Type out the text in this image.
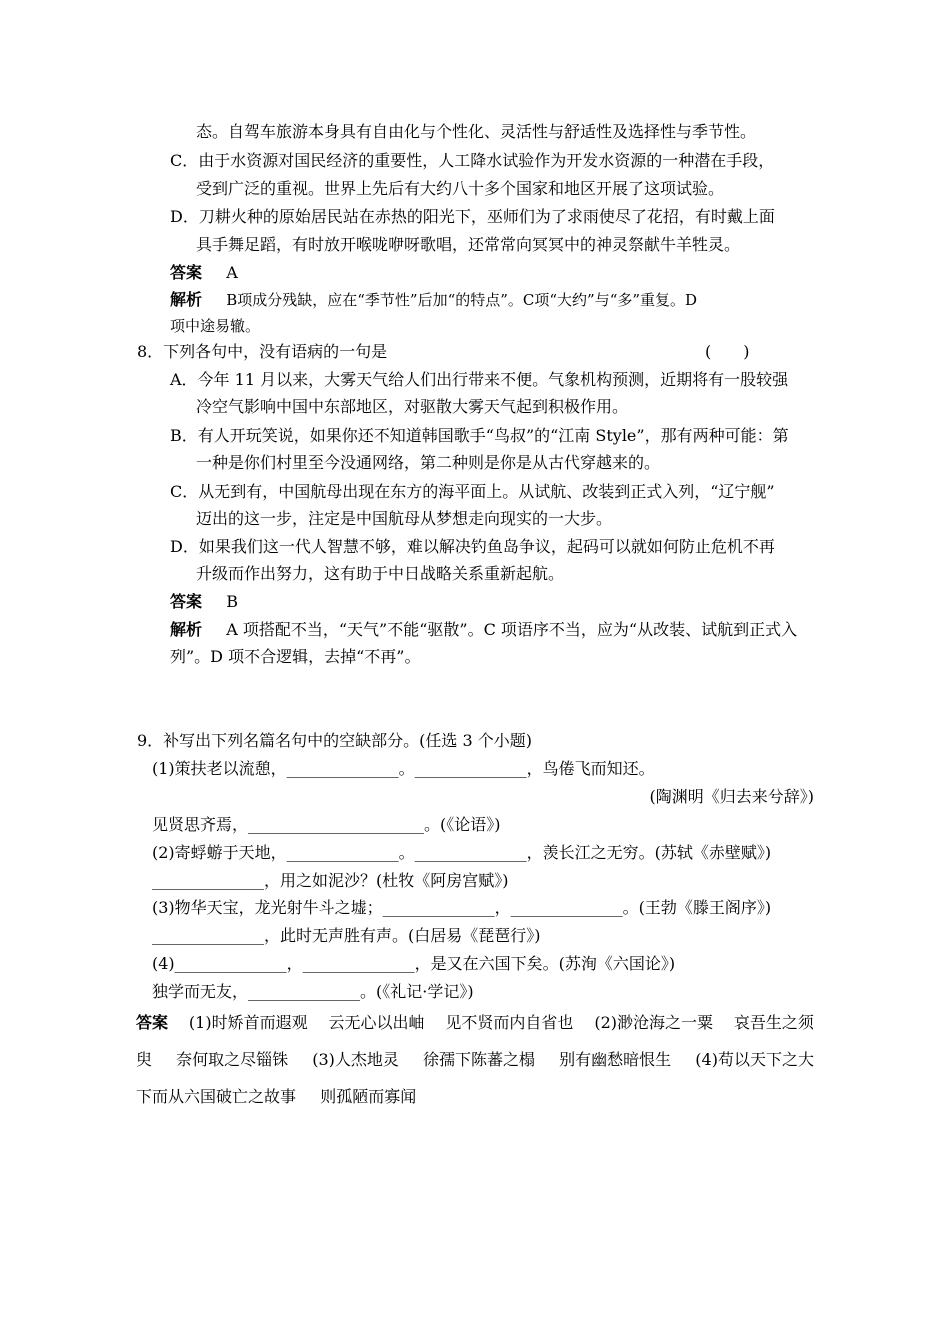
态。自驾车旅游本身具有自由化与个性化、灵活性与舒适性及选择性与季节性。
C．由于水资源对国民经济的重要性，人工降水试验作为开发水资源的一种潜在手段，
受到广泛的重视。世界上先后有大约八十多个国家和地区开展了这项试验。
D．刀耕火种的原始居民站在赤热的阳光下，巫师们为了求雨使尽了花招，有时戴上面
具手舞足蹈，有时放开喉咙咿呀歌唱，还常常向冥冥中的神灵祭献牛羊牲灵。
答案 A
解析 B项成分残缺，应在“季节性”后加“的特点”。C项“大约”与“多”重复。D
项中途易辙。
8．下列各句中，没有语病的一句是	(　　)
A．今年 11 月以来，大雾天气给人们出行带来不便。气象机构预测，近期将有一股较强
冷空气影响中国中东部地区，对驱散大雾天气起到积极作用。
B．有人开玩笑说，如果你还不知道韩国歌手“鸟叔”的“江南 Style”，那有两种可能：第
一种是你们村里至今没通网络，第二种则是你是从古代穿越来的。
C．从无到有，中国航母出现在东方的海平面上。从试航、改装到正式入列，“辽宁舰”
迈出的这一步，注定是中国航母从梦想走向现实的一大步。
D．如果我们这一代人智慧不够，难以解决钓鱼岛争议，起码可以就如何防止危机不再
升级而作出努力，这有助于中日战略关系重新起航。
答案 B
解析 A 项搭配不当，“天气”不能“驱散”。C 项语序不当，应为“从改装、试航到正式入
列”。D 项不合逻辑，去掉“不再”。
9．补写出下列名篇名句中的空缺部分。(任选 3 个小题)
(1)策扶老以流憩，______________。______________，鸟倦飞而知还。
(陶渊明《归去来兮辞》)
见贤思齐焉，______________________。(《论语》)
(2)寄蜉蝣于天地，______________。______________，羡长江之无穷。(苏轼《赤壁赋》)
______________，用之如泥沙？(杜牧《阿房宫赋》)
(3)物华天宝，龙光射牛斗之墟；______________，______________。(王勃《滕王阁序》)
______________，此时无声胜有声。(白居易《琵琶行》)
(4)______________，______________，是又在六国下矣。(苏洵《六国论》)
独学而无友，______________。(《礼记·学记》)
答案 (1)时矫首而遐观 云无心以出岫 见不贤而内自省也 (2)渺沧海之一粟 哀吾生之须
臾 奈何取之尽锱铢 (3)人杰地灵 徐孺下陈蕃之榻 别有幽愁暗恨生 (4)苟以天下之大
下而从六国破亡之故事 则孤陋而寡闻
